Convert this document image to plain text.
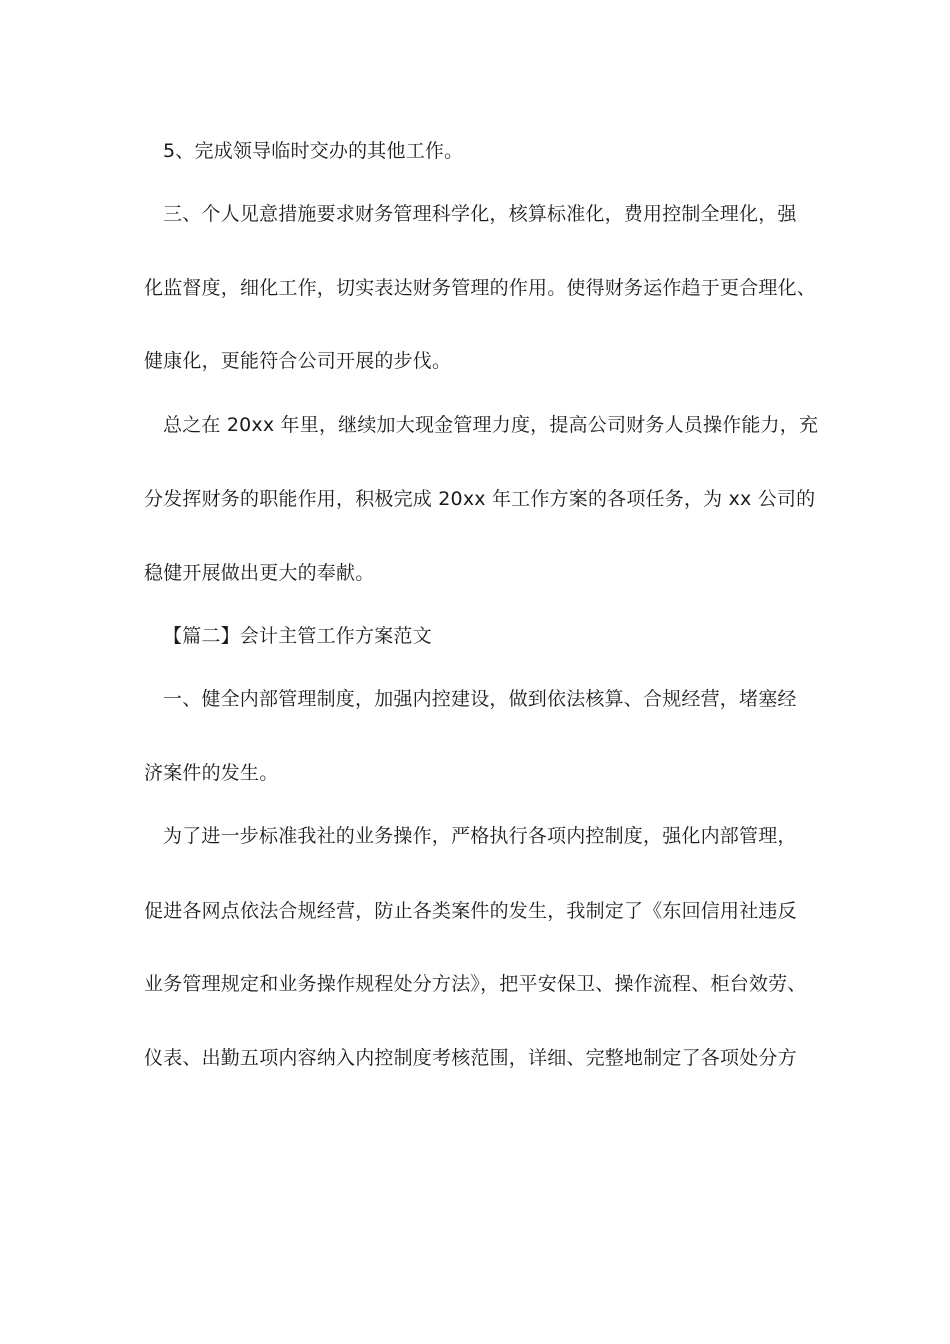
5、完成领导临时交办的其他工作。
三、个人见意措施要求财务管理科学化，核算标准化，费用控制全理化，强
化监督度，细化工作，切实表达财务管理的作用。使得财务运作趋于更合理化、
健康化，更能符合公司开展的步伐。
总之在 20xx 年里，继续加大现金管理力度，提高公司财务人员操作能力，充
分发挥财务的职能作用，积极完成 20xx 年工作方案的各项任务，为 xx 公司的
稳健开展做出更大的奉献。
【篇二】会计主管工作方案范文
一、健全内部管理制度，加强内控建设，做到依法核算、合规经营，堵塞经
济案件的发生。
为了进一步标准我社的业务操作，严格执行各项内控制度，强化内部管理，
促进各网点依法合规经营，防止各类案件的发生，我制定了《东回信用社违反
业务管理规定和业务操作规程处分方法》，把平安保卫、操作流程、柜台效劳、
仪表、出勤五项内容纳入内控制度考核范围，详细、完整地制定了各项处分方
